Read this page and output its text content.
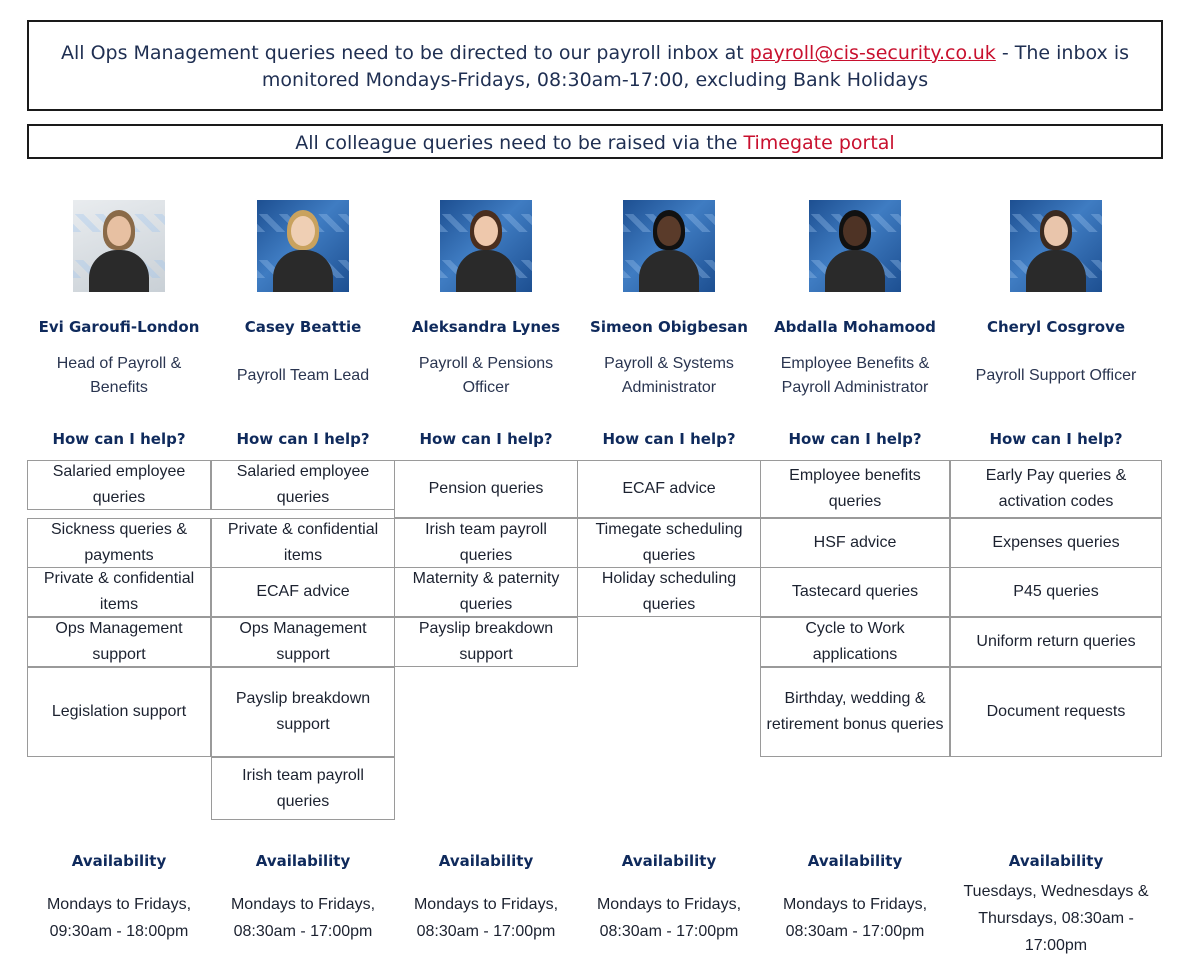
All Ops Management queries need to be directed to our payroll inbox at payroll@cis-security.co.uk - The inbox is monitored Mondays-Fridays, 08:30am-17:00, excluding Bank Holidays
All colleague queries need to be raised via the Timegate portal
Evi Garoufi-London
Head of Payroll & Benefits
How can I help?
Salaried employee queries
Sickness queries & payments
Private & confidential items
Ops Management support
Legislation support
Availability
Mondays to Fridays, 09:30am - 18:00pm
Casey Beattie
Payroll Team Lead
How can I help?
Salaried employee queries
Private & confidential items
ECAF advice
Ops Management support
Payslip breakdown support
Irish team payroll queries
Availability
Mondays to Fridays, 08:30am - 17:00pm
Aleksandra Lynes
Payroll & Pensions Officer
How can I help?
Pension queries
Irish team payroll queries
Maternity & paternity queries
Payslip breakdown support
Availability
Mondays to Fridays, 08:30am - 17:00pm
Simeon Obigbesan
Payroll & Systems Administrator
How can I help?
ECAF advice
Timegate scheduling queries
Holiday scheduling queries
Availability
Mondays to Fridays, 08:30am - 17:00pm
Abdalla Mohamood
Employee Benefits & Payroll Administrator
How can I help?
Employee benefits queries
HSF advice
Tastecard queries
Cycle to Work applications
Birthday, wedding & retirement bonus queries
Availability
Mondays to Fridays, 08:30am - 17:00pm
Cheryl Cosgrove
Payroll Support Officer
How can I help?
Early Pay queries & activation codes
Expenses queries
P45 queries
Uniform return queries
Document requests
Availability
Tuesdays, Wednesdays & Thursdays, 08:30am - 17:00pm
